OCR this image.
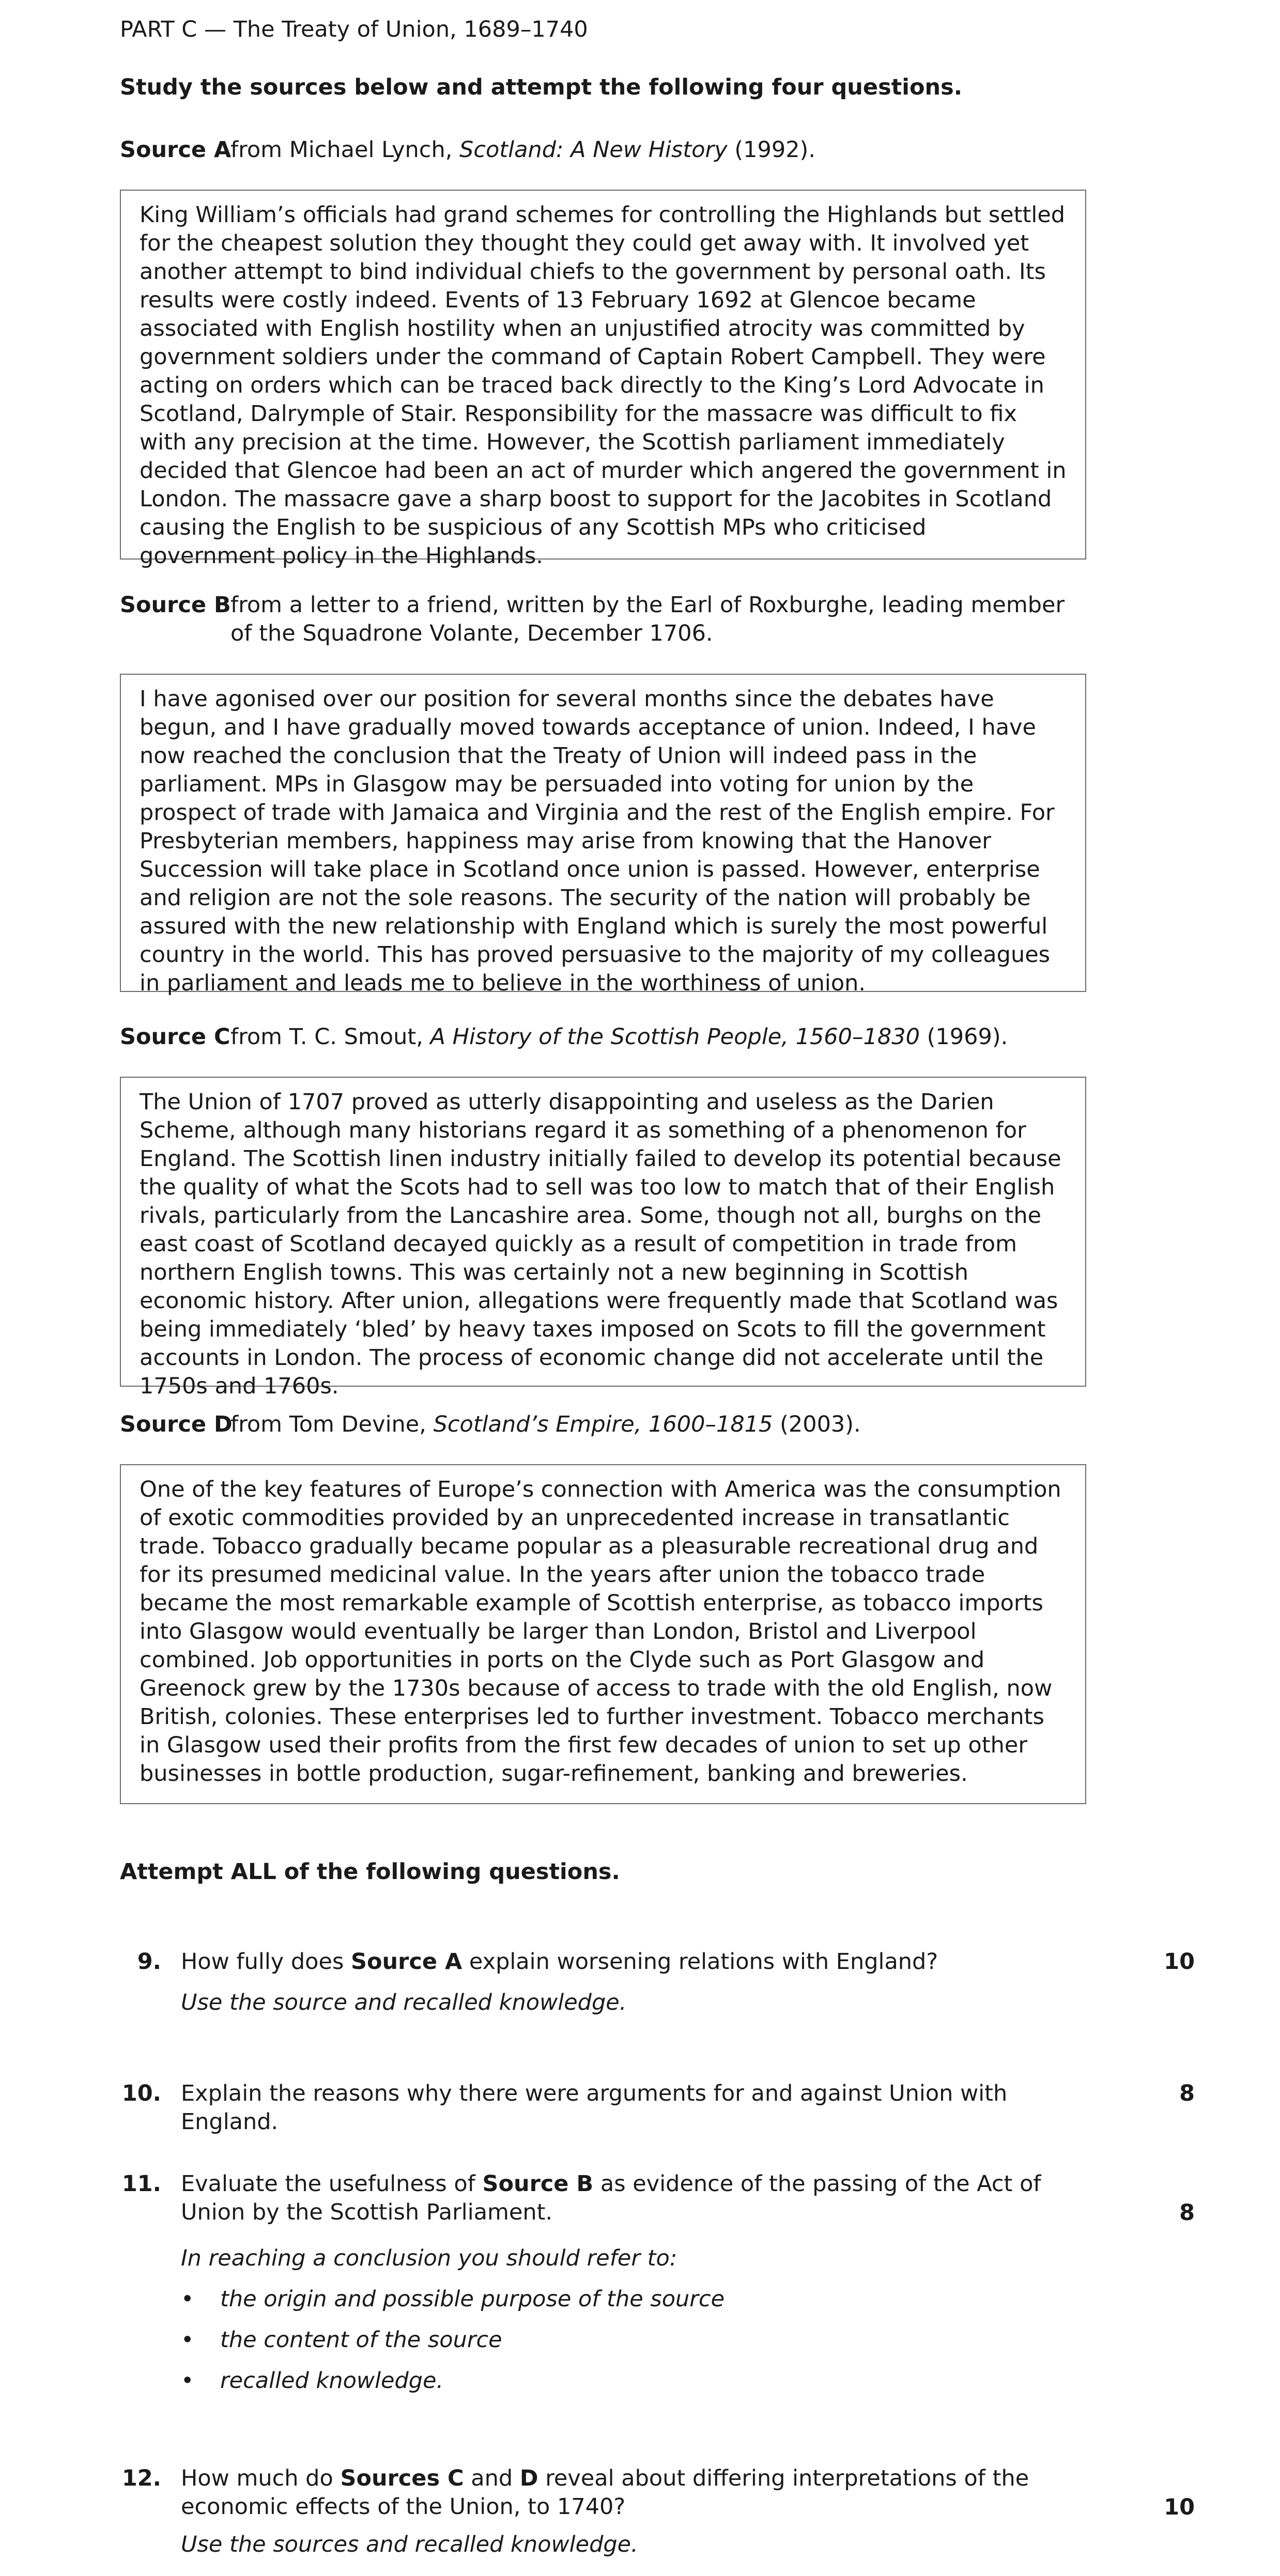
PART C — The Treaty of Union, 1689–1740
Study the sources below and attempt the following four questions.
Source A
from Michael Lynch, Scotland: A New History (1992).
King William’s officials had grand schemes for controlling the Highlands but settled for the cheapest solution they thought they could get away with. It involved yet another attempt to bind individual chiefs to the government by personal oath. Its results were costly indeed. Events of 13 February 1692 at Glencoe became associated with English hostility when an unjustified atrocity was committed by government soldiers under the command of Captain Robert Campbell. They were acting on orders which can be traced back directly to the King’s Lord Advocate in Scotland, Dalrymple of Stair. Responsibility for the massacre was difficult to fix with any precision at the time. However, the Scottish parliament immediately decided that Glencoe had been an act of murder which angered the government in London. The massacre gave a sharp boost to support for the Jacobites in Scotland causing the English to be suspicious of any Scottish MPs who criticised government policy in the Highlands.
Source B from a letter to a friend, written by the Earl of Roxburghe, leading member of the Squadrone Volante, December 1706.
I have agonised over our position for several months since the debates have begun, and I have gradually moved towards acceptance of union. Indeed, I have now reached the conclusion that the Treaty of Union will indeed pass in the parliament. MPs in Glasgow may be persuaded into voting for union by the prospect of trade with Jamaica and Virginia and the rest of the English empire. For Presbyterian members, happiness may arise from knowing that the Hanover Succession will take place in Scotland once union is passed. However, enterprise and religion are not the sole reasons. The security of the nation will probably be assured with the new relationship with England which is surely the most powerful country in the world. This has proved persuasive to the majority of my colleagues in parliament and leads me to believe in the worthiness of union.
Source C from T. C. Smout, A History of the Scottish People, 1560–1830 (1969).
The Union of 1707 proved as utterly disappointing and useless as the Darien Scheme, although many historians regard it as something of a phenomenon for England. The Scottish linen industry initially failed to develop its potential because the quality of what the Scots had to sell was too low to match that of their English rivals, particularly from the Lancashire area. Some, though not all, burghs on the east coast of Scotland decayed quickly as a result of competition in trade from northern English towns. This was certainly not a new beginning in Scottish economic history. After union, allegations were frequently made that Scotland was being immediately ‘bled’ by heavy taxes imposed on Scots to fill the government accounts in London. The process of economic change did not accelerate until the 1750s and 1760s.
Source D
from Tom Devine, Scotland’s Empire, 1600–1815 (2003).
One of the key features of Europe’s connection with America was the consumption of exotic commodities provided by an unprecedented increase in transatlantic trade. Tobacco gradually became popular as a pleasurable recreational drug and for its presumed medicinal value. In the years after union the tobacco trade became the most remarkable example of Scottish enterprise, as tobacco imports into Glasgow would eventually be larger than London, Bristol and Liverpool combined. Job opportunities in ports on the Clyde such as Port Glasgow and Greenock grew by the 1730s because of access to trade with the old English, now British, colonies. These enterprises led to further investment. Tobacco merchants in Glasgow used their profits from the first few decades of union to set up other businesses in bottle production, sugar-refinement, banking and breweries.
Attempt ALL of the following questions.
9.	10
How fully does Source A explain worsening relations with England?
Use the source and recalled knowledge.
10.	8
Explain the reasons why there were arguments for and against Union with England.
11.
8
Evaluate the usefulness of Source B as evidence of the passing of the Act of Union by the Scottish Parliament.
In reaching a conclusion you should refer to:
• the origin and possible purpose of the source
• the content of the source
• recalled knowledge.
12.
10
How much do Sources C and D reveal about differing interpretations of the economic effects of the Union, to 1740?
Use the sources and recalled knowledge.
